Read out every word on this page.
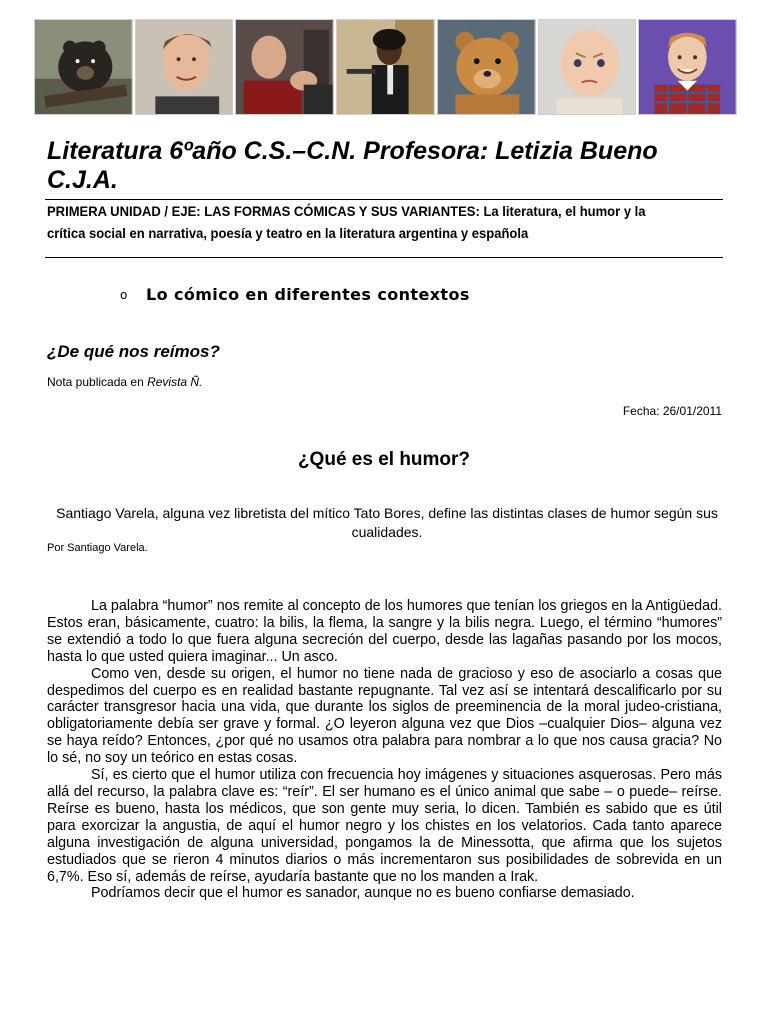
Literatura 6ºaño C.S.–C.N. Profesora: Letizia Bueno C.J.A.
PRIMERA UNIDAD / EJE: LAS FORMAS CÓMICAS Y SUS VARIANTES: La literatura, el humor y la crítica social en narrativa, poesía y teatro en la literatura argentina y española
o Lo cómico en diferentes contextos
¿De qué nos reímos?
Nota publicada en Revista Ñ.
Fecha: 26/01/2011
¿Qué es el humor?
Santiago Varela, alguna vez libretista del mítico Tato Bores, define las distintas clases de humor según sus cualidades.
Por Santiago Varela.

La palabra “humor” nos remite al concepto de los humores que tenían los griegos en la Antigüedad. Estos eran, básicamente, cuatro: la bilis, la flema, la sangre y la bilis negra. Luego, el término “humores” se extendió a todo lo que fuera alguna secreción del cuerpo, desde las lagañas pasando por los mocos, hasta lo que usted quiera imaginar... Un asco.

Como ven, desde su origen, el humor no tiene nada de gracioso y eso de asociarlo a cosas que despedimos del cuerpo es en realidad bastante repugnante. Tal vez así se intentará descalificarlo por su carácter transgresor hacia una vida, que durante los siglos de preeminencia de la moral judeo-cristiana, obligatoriamente debía ser grave y formal. ¿O leyeron alguna vez que Dios –cualquier Dios– alguna vez se haya reído? Entonces, ¿por qué no usamos otra palabra para nombrar a lo que nos causa gracia? No lo sé, no soy un teórico en estas cosas.

Sí, es cierto que el humor utiliza con frecuencia hoy imágenes y situaciones asquerosas. Pero más allá del recurso, la palabra clave es: “reír”. El ser humano es el único animal que sabe – o puede– reírse. Reírse es bueno, hasta los médicos, que son gente muy seria, lo dicen. También es sabido que es útil para exorcizar la angustia, de aquí el humor negro y los chistes en los velatorios. Cada tanto aparece alguna investigación de alguna universidad, pongamos la de Minessotta, que afirma que los sujetos estudiados que se rieron 4 minutos diarios o más incrementaron sus posibilidades de sobrevida en un 6,7%. Eso sí, además de reírse, ayudaría bastante que no los manden a Irak.

Podríamos decir que el humor es sanador, aunque no es bueno confiarse demasiado.
